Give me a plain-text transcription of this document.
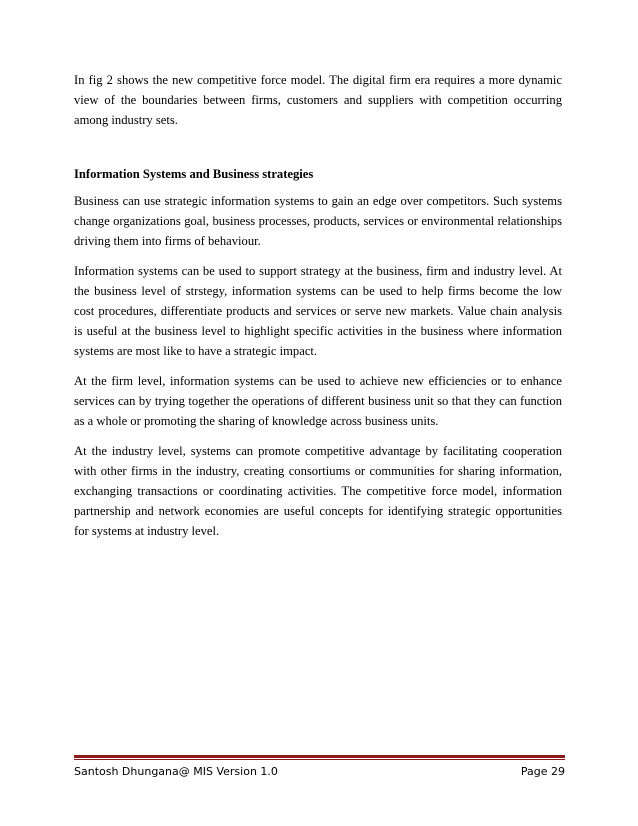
In fig 2 shows the new competitive force model. The digital firm era requires a more dynamic view of the boundaries between firms, customers and suppliers with competition occurring among industry sets.

Information Systems and Business strategies

Business can use strategic information systems to gain an edge over competitors. Such systems change organizations goal, business processes, products, services or environmental relationships driving them into firms of behaviour.

Information systems can be used to support strategy at the business, firm and industry level. At the business level of strstegy, information systems can be used to help firms become the low cost procedures, differentiate products and services or serve new markets. Value chain analysis is useful at the business level to highlight specific activities in the business where information systems are most like to have a strategic impact.

At the firm level, information systems can be used to achieve new efficiencies or to enhance services can by trying together the operations of different business unit so that they can function as a whole or promoting the sharing of knowledge across business units.

At the industry level, systems can promote competitive advantage by facilitating cooperation with other firms in the industry, creating consortiums or communities for sharing information, exchanging transactions or coordinating activities. The competitive force model, information partnership and network economies are useful concepts for identifying strategic opportunities for systems at industry level.

Santosh Dhungana@ MIS Version 1.0	Page 29
